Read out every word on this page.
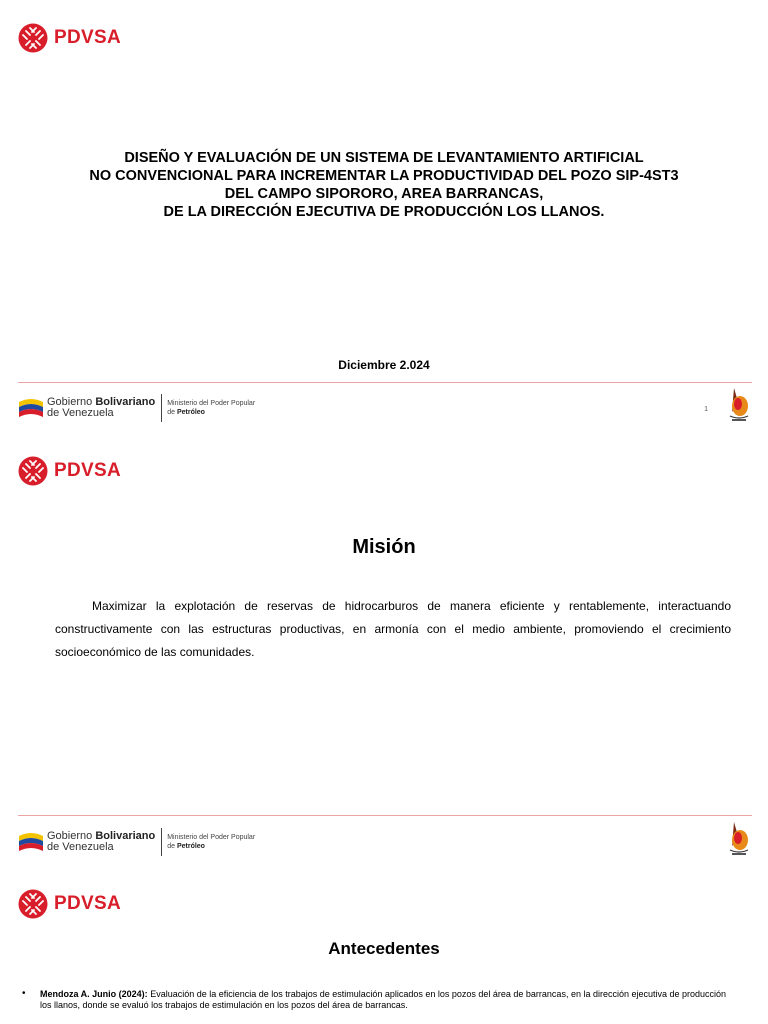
PDVSA
DISEÑO Y EVALUACIÓN DE UN SISTEMA DE LEVANTAMIENTO ARTIFICIAL
NO CONVENCIONAL PARA INCREMENTAR LA PRODUCTIVIDAD DEL POZO SIP-4ST3
DEL CAMPO SIPORORO, AREA BARRANCAS,
DE LA DIRECCIÓN EJECUTIVA DE PRODUCCIÓN LOS LLANOS.
Diciembre 2.024
Gobierno Bolivariano
de Venezuela
Ministerio del Poder Popular
de Petróleo	1
PDVSA
Misión
Maximizar la explotación de reservas de hidrocarburos de manera eficiente y rentablemente, interactuando constructivamente con las estructuras productivas, en armonía con el medio ambiente, promoviendo el crecimiento socioeconómico de las comunidades.
Gobierno Bolivariano
de Venezuela
Ministerio del Poder Popular
de Petróleo
PDVSA
Antecedentes
• Mendoza A. Junio (2024): Evaluación de la eficiencia de los trabajos de estimulación aplicados en los pozos del área de barrancas, en la dirección ejecutiva de producción los llanos, donde se evaluó los trabajos de estimulación en los pozos del área de barrancas.
